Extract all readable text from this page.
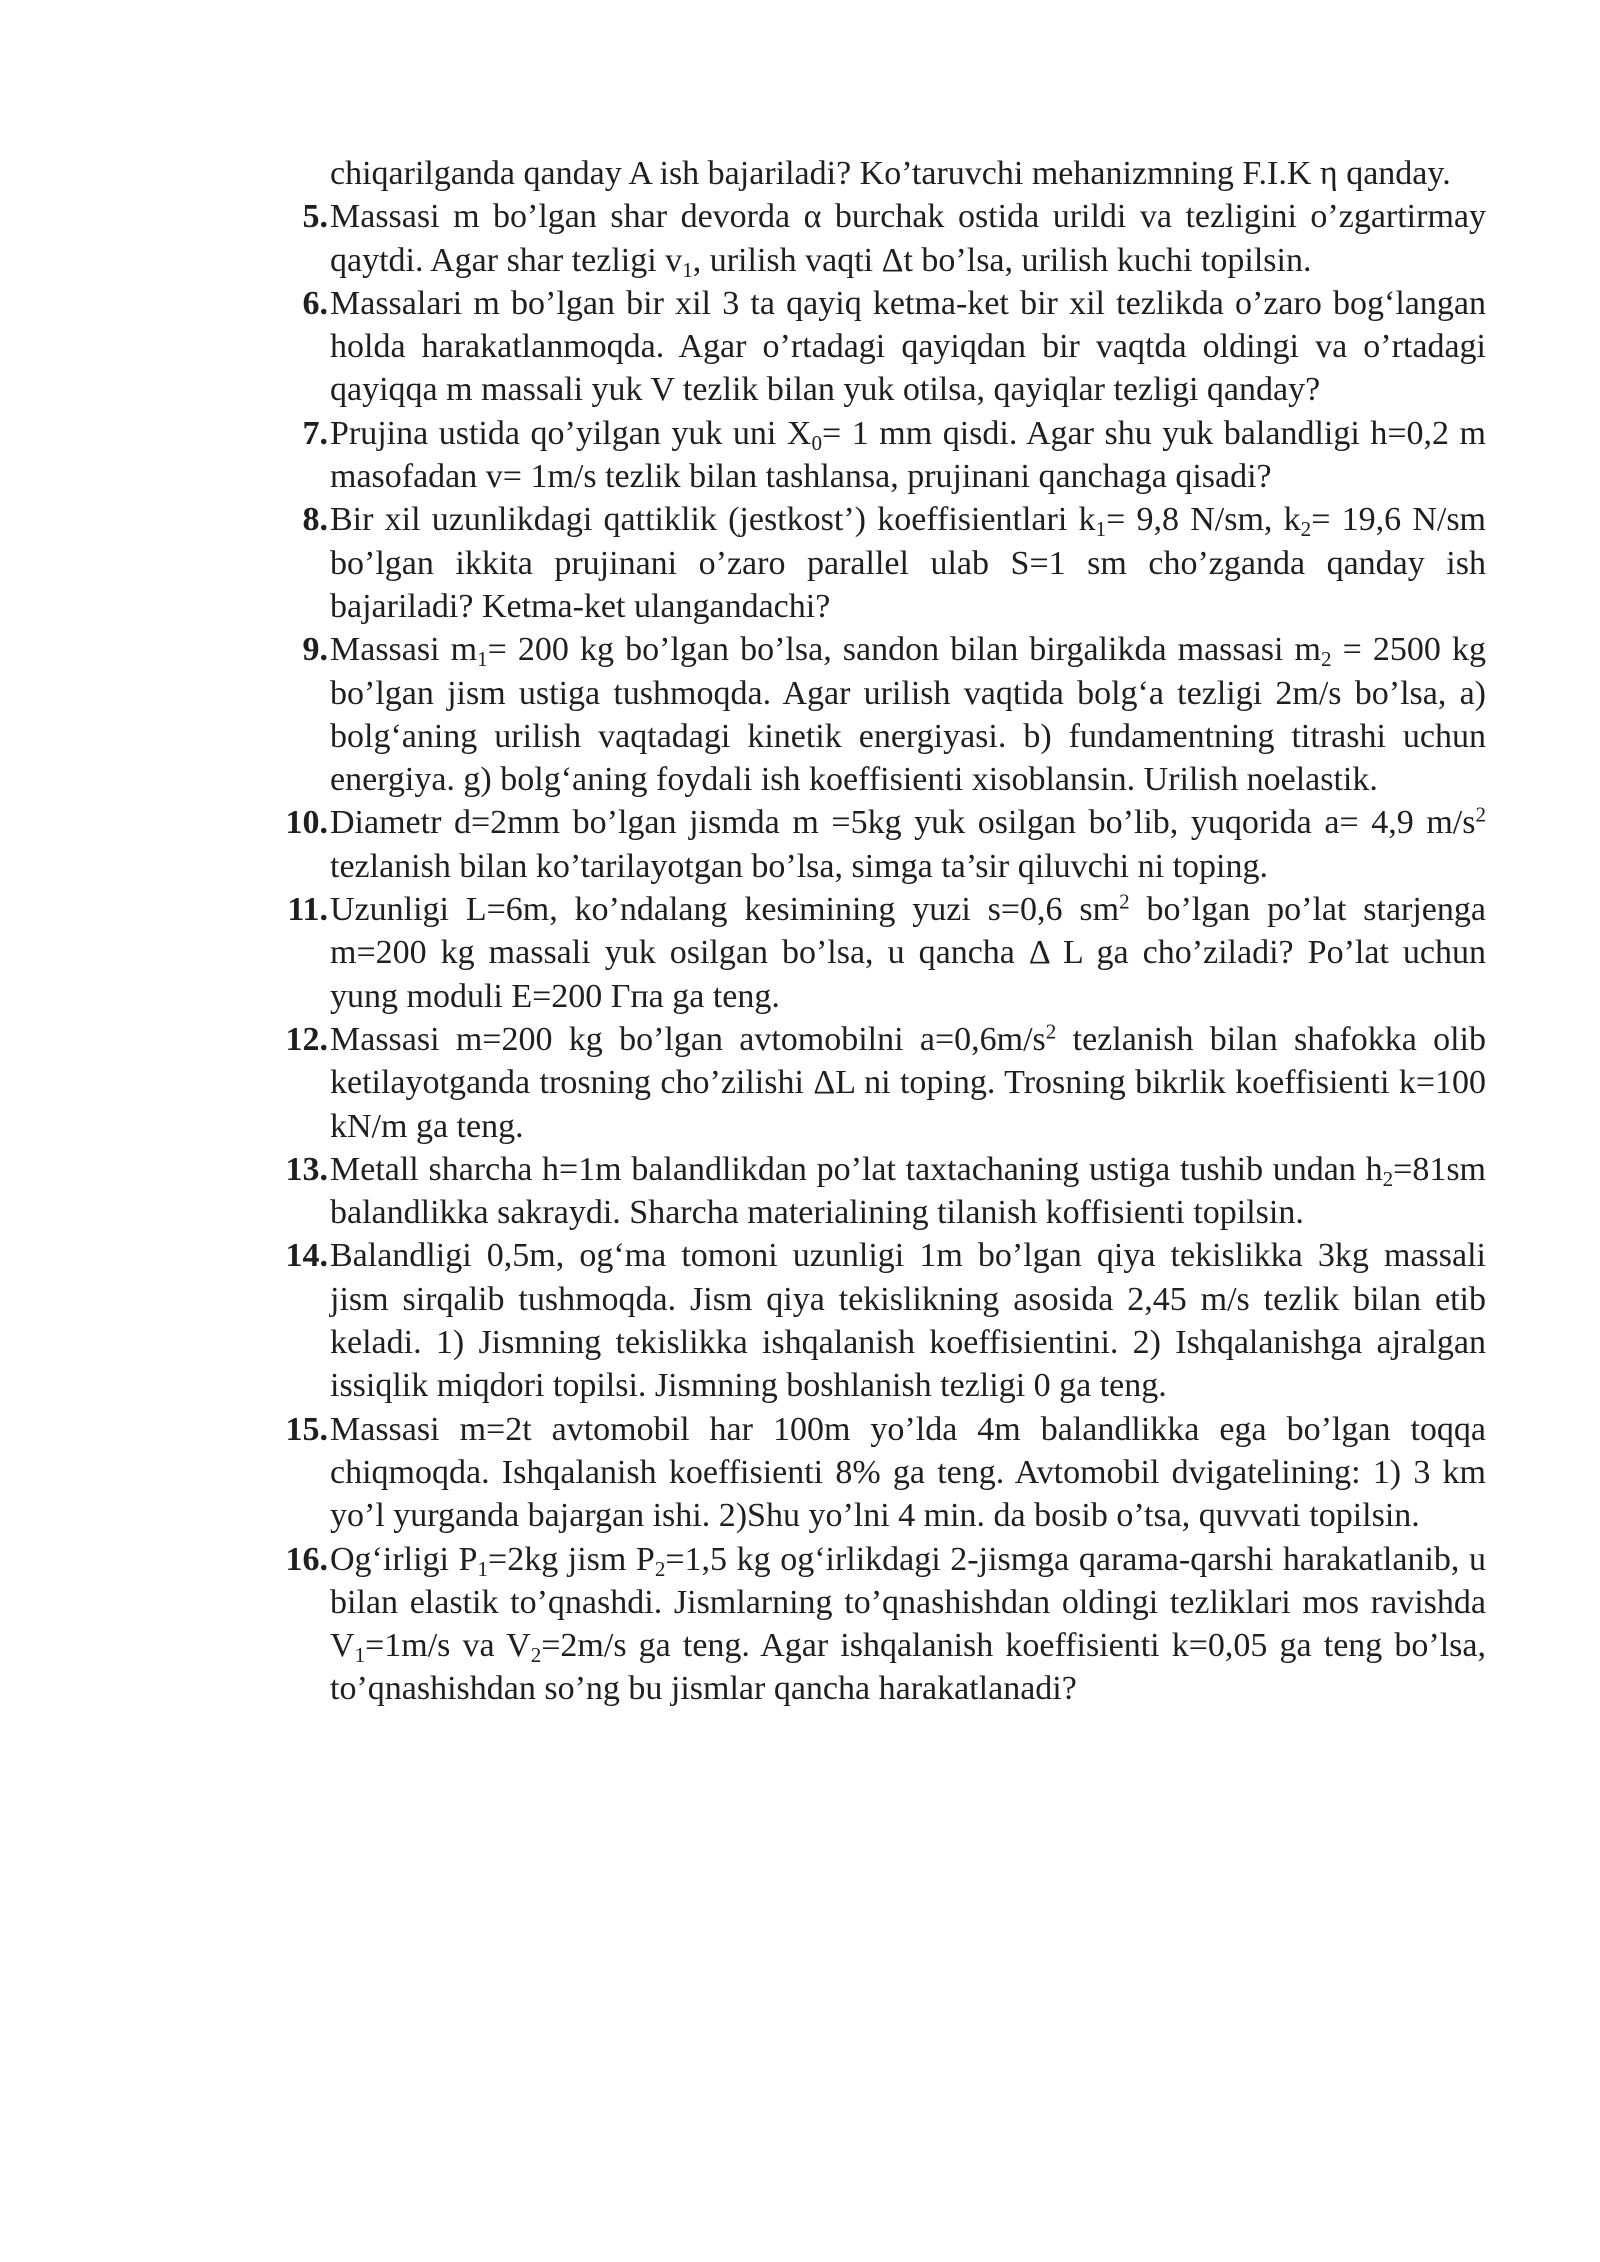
chiqarilganda qanday A ish bajariladi? Ko’taruvchi mehanizmning F.I.K η qanday.
5. Massasi m bo’lgan shar devorda α burchak ostida urildi va tezligini o’zgartirmay qaytdi. Agar shar tezligi $v_1$, urilish vaqti Δt bo’lsa, urilish kuchi topilsin.
6. Massalari m bo’lgan bir xil 3 ta qayiq ketma-ket bir xil tezlikda o’zaro bog‘langan holda harakatlanmoqda. Agar o’rtadagi qayiqdan bir vaqtda oldingi va o’rtadagi qayiqqa m massali yuk V tezlik bilan yuk otilsa, qayiqlar tezligi qanday?
7. Prujina ustida qo’yilgan yuk uni $X_0= 1$ mm qisdi. Agar shu yuk balandligi h=0,2 m masofadan v= 1m/s tezlik bilan tashlansa, prujinani qanchaga qisadi?
8. Bir xil uzunlikdagi qattiklik (jestkost’) koeffisientlari $k_1= 9,8$ N/sm, $k_2= 19,6$ N/sm bo’lgan ikkita prujinani o’zaro parallel ulab S=1 sm cho’zganda qanday ish bajariladi? Ketma-ket ulangandachi?
9. Massasi $m_1= 200$ kg bo’lgan bo’lsa, sandon bilan birgalikda massasi $m_2 = 2500$ kg bo’lgan jism ustiga tushmoqda. Agar urilish vaqtida bolg‘a tezligi 2m/s bo’lsa, a) bolg‘aning urilish vaqtadagi kinetik energiyasi. b) fundamentning titrashi uchun energiya. g) bolg‘aning foydali ish koeffisienti xisoblansin. Urilish noelastik.
10. Diametr d=2mm bo’lgan jismda m =5kg yuk osilgan bo’lib, yuqorida a= 4,9 $m/s^2$ tezlanish bilan ko’tarilayotgan bo’lsa, simga ta’sir qiluvchi ni toping.
11. Uzunligi L=6m, ko’ndalang kesimining yuzi s=0,6 $sm^2$ bo’lgan po’lat starjenga m=200 kg massali yuk osilgan bo’lsa, u qancha Δ L ga cho’ziladi? Po’lat uchun yung moduli E=200 Гпа ga teng.
12. Massasi m=200 kg bo’lgan avtomobilni $a=0,6m/s^2$ tezlanish bilan shafokka olib ketilayotganda trosning cho’zilishi ΔL ni toping. Trosning bikrlik koeffisienti k=100 kN/m ga teng.
13. Metall sharcha h=1m balandlikdan po’lat taxtachaning ustiga tushib undan $h_2=81sm$ balandlikka sakraydi. Sharcha materialining tilanish koffisienti topilsin.
14. Balandligi 0,5m, og‘ma tomoni uzunligi 1m bo’lgan qiya tekislikka 3kg massali jism sirqalib tushmoqda. Jism qiya tekislikning asosida 2,45 m/s tezlik bilan etib keladi. 1) Jismning tekislikka ishqalanish koeffisientini. 2) Ishqalanishga ajralgan issiqlik miqdori topilsi. Jismning boshlanish tezligi 0 ga teng.
15. Massasi m=2t avtomobil har 100m yo’lda 4m balandlikka ega bo’lgan toqqa chiqmoqda. Ishqalanish koeffisienti 8% ga teng. Avtomobil dvigatelining: 1) 3 km yo’l yurganda bajargan ishi. 2)Shu yo’lni 4 min. da bosib o’tsa, quvvati topilsin.
16. Og‘irligi $P_1=2kg$ jism $P_2=1,5$ kg og‘irlikdagi 2-jismga qarama-qarshi harakatlanib, u bilan elastik to’qnashdi. Jismlarning to’qnashishdan oldingi tezliklari mos ravishda $V_1=1m/s$ va $V_2=2m/s$ ga teng. Agar ishqalanish koeffisienti k=0,05 ga teng bo’lsa, to’qnashishdan so’ng bu jismlar qancha harakatlanadi?
